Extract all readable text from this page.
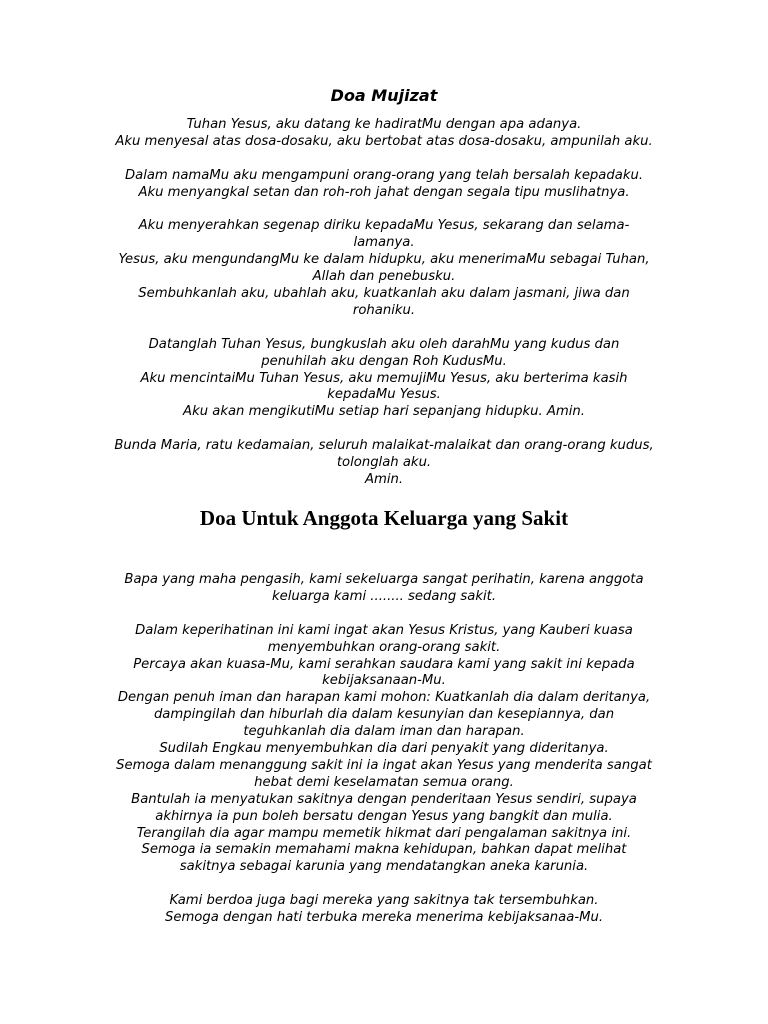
Doa Mujizat

Tuhan Yesus, aku datang ke hadiratMu dengan apa adanya.
Aku menyesal atas dosa-dosaku, aku bertobat atas dosa-dosaku, ampunilah aku.

Dalam namaMu aku mengampuni orang-orang yang telah bersalah kepadaku.
Aku menyangkal setan dan roh-roh jahat dengan segala tipu muslihatnya.

Aku menyerahkan segenap diriku kepadaMu Yesus, sekarang dan selama-
lamanya.
Yesus, aku mengundangMu ke dalam hidupku, aku menerimaMu sebagai Tuhan,
Allah dan penebusku.
Sembuhkanlah aku, ubahlah aku, kuatkanlah aku dalam jasmani, jiwa dan
rohaniku.

Datanglah Tuhan Yesus, bungkuslah aku oleh darahMu yang kudus dan
penuhilah aku dengan Roh KudusMu.
Aku mencintaiMu Tuhan Yesus, aku memujiMu Yesus, aku berterima kasih
kepadaMu Yesus.
Aku akan mengikutiMu setiap hari sepanjang hidupku. Amin.

Bunda Maria, ratu kedamaian, seluruh malaikat-malaikat dan orang-orang kudus,
tolonglah aku.
Amin.

Doa Untuk Anggota Keluarga yang Sakit

Bapa yang maha pengasih, kami sekeluarga sangat perihatin, karena anggota
keluarga kami ........ sedang sakit.

Dalam keperihatinan ini kami ingat akan Yesus Kristus, yang Kauberi kuasa
menyembuhkan orang-orang sakit.
Percaya akan kuasa-Mu, kami serahkan saudara kami yang sakit ini kepada
kebijaksanaan-Mu.
Dengan penuh iman dan harapan kami mohon: Kuatkanlah dia dalam deritanya,
dampingilah dan hiburlah dia dalam kesunyian dan kesepiannya, dan
teguhkanlah dia dalam iman dan harapan.
Sudilah Engkau menyembuhkan dia dari penyakit yang dideritanya.
Semoga dalam menanggung sakit ini ia ingat akan Yesus yang menderita sangat
hebat demi keselamatan semua orang.
Bantulah ia menyatukan sakitnya dengan penderitaan Yesus sendiri, supaya
akhirnya ia pun boleh bersatu dengan Yesus yang bangkit dan mulia.
Terangilah dia agar mampu memetik hikmat dari pengalaman sakitnya ini.
Semoga ia semakin memahami makna kehidupan, bahkan dapat melihat
sakitnya sebagai karunia yang mendatangkan aneka karunia.

Kami berdoa juga bagi mereka yang sakitnya tak tersembuhkan.
Semoga dengan hati terbuka mereka menerima kebijaksanaa-Mu.
